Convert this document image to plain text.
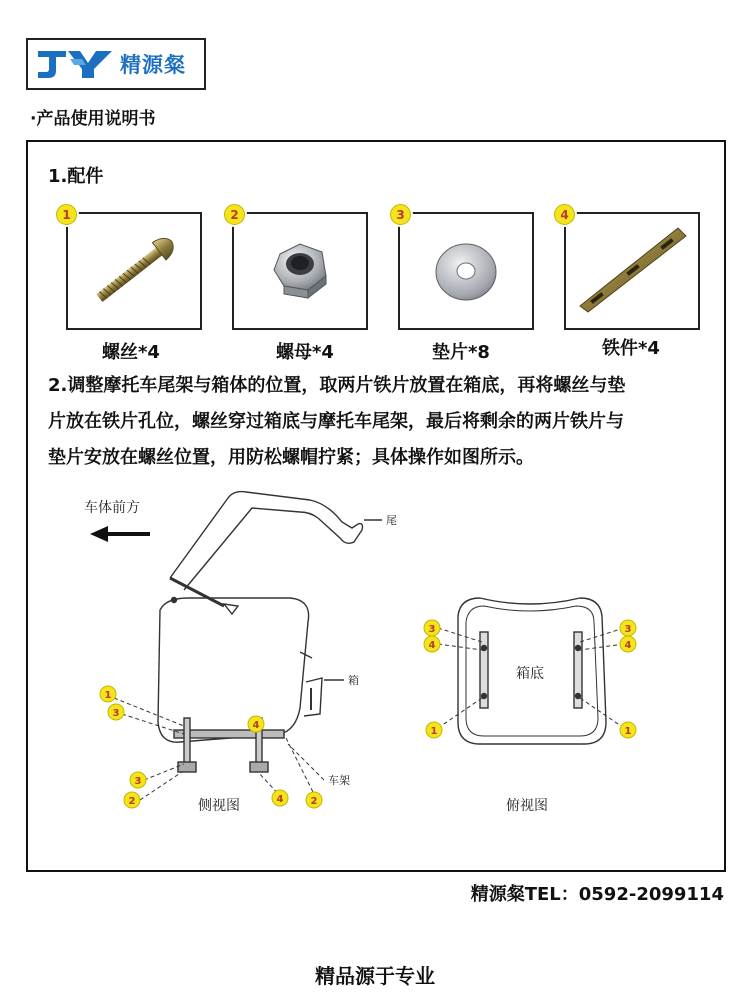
精源粲
·产品使用说明书
1.配件
1
螺丝*4
2
螺母*4
3
垫片*8
4
铁件*4
2.调整摩托车尾架与箱体的位置，取两片铁片放置在箱底，再将螺丝与垫
片放在铁片孔位，螺丝穿过箱底与摩托车尾架，最后将剩余的两片铁片与
垫片安放在螺丝位置，用防松螺帽拧紧；具体操作如图所示。
车体前方
尾
箱
车架
侧视图
1
3
4
3
2	4	2
箱底
俯视图
3
4
1
3
4
1
精源粲TEL：0592-2099114
精品源于专业
